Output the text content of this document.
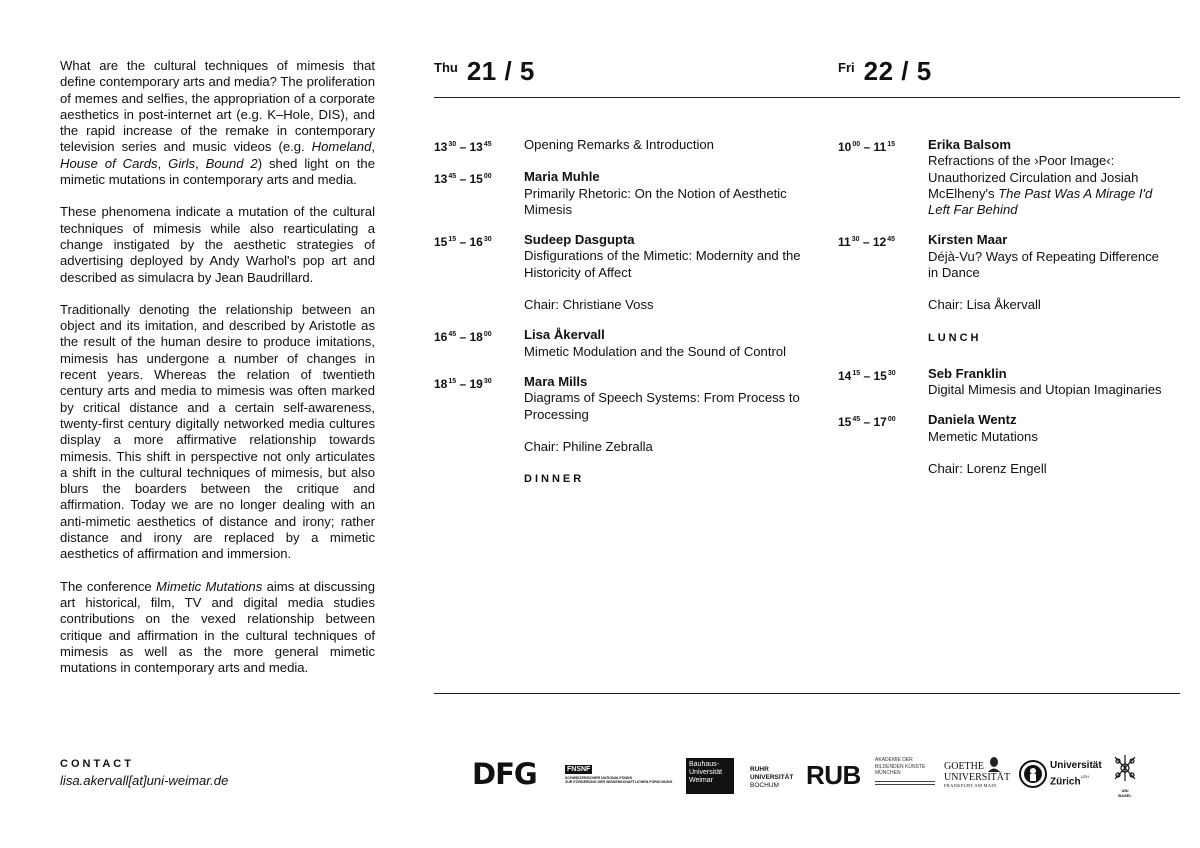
What are the cultural techniques of mimesis that define contemporary arts and media? The proliferation of memes and selfies, the appropriation of a corporate aesthetics in post-internet art (e.g. K–Hole, DIS), and the rapid increase of the remake in contemporary television series and music videos (e.g. Homeland, House of Cards, Girls, Bound 2) shed light on the mimetic mutations in contemporary arts and media.

These phenomena indicate a mutation of the cultural techniques of mimesis while also rearticulating a change instigated by the aesthetic strategies of advertising deployed by Andy Warhol's pop art and described as simulacra by Jean Baudrillard.

Traditionally denoting the relationship between an object and its imitation, and described by Aristotle as the result of the human desire to produce imitations, mimesis has undergone a number of changes in recent years. Whereas the relation of twentieth century arts and media to mimesis was often marked by critical distance and a certain self-awareness, twenty-first century digitally networked media cultures display a more affirmative relationship towards mimesis. This shift in perspective not only articulates a shift in the cultural techniques of mimesis, but also blurs the boarders between the critique and affirmation. Today we are no longer dealing with an anti-mimetic aesthetics of distance and irony; rather distance and irony are replaced by a mimetic aesthetics of affirmation and immersion.

The conference Mimetic Mutations aims at discussing art historical, film, TV and digital media studies contributions on the vexed relationship between critique and affirmation in the cultural techniques of mimesis as well as the more general mimetic mutations in contemporary arts and media.

CONTACT
lisa.akervall[at]uni-weimar.de
Thu 21 / 5	Fri 22 / 5
$13^{30} - 13^{45}$	Opening Remarks & Introduction
$13^{45} - 15^{00}$	Maria Muhle
Primarily Rhetoric: On the Notion of Aesthetic Mimesis
$15^{15} - 16^{30}$	Sudeep Dasgupta
Disfigurations of the Mimetic: Modernity and the Historicity of Affect
Chair: Christiane Voss
$16^{45} - 18^{00}$	Lisa Åkervall
Mimetic Modulation and the Sound of Control
$18^{15} - 19^{30}$	Mara Mills
Diagrams of Speech Systems: From Process to Processing
Chair: Philine Zebralla
DINNER
$10^{00} - 11^{15}$	Erika Balsom
Refractions of the ›Poor Image‹: Unauthorized Circulation and Josiah McElheny's The Past Was A Mirage I'd Left Far Behind
$11^{30} - 12^{45}$	Kirsten Maar
Déjà-Vu? Ways of Repeating Difference in Dance
Chair: Lisa Åkervall
LUNCH
$14^{15} - 15^{30}$	Seb Franklin
Digital Mimesis and Utopian Imaginaries
$15^{45} - 17^{00}$	Daniela Wentz
Memetic Mutations
Chair: Lorenz Engell
DFG	FNSNF
SCHWEIZERISCHER NATIONALFONDS
ZUR FÖRDERUNG DER WISSENSCHAFTLICHEN FORSCHUNG
Bauhaus-
Universität
Weimar
RUHR
UNIVERSITÄT
BOCHUM	RUB	AKADEMIE DER
BILDENDEN KÜNSTE
MÜNCHEN
GOETHE
UNIVERSITÄT
FRANKFURT AM MAIN
Universität
Zürich$^{UZH}$
UNI
BASEL
